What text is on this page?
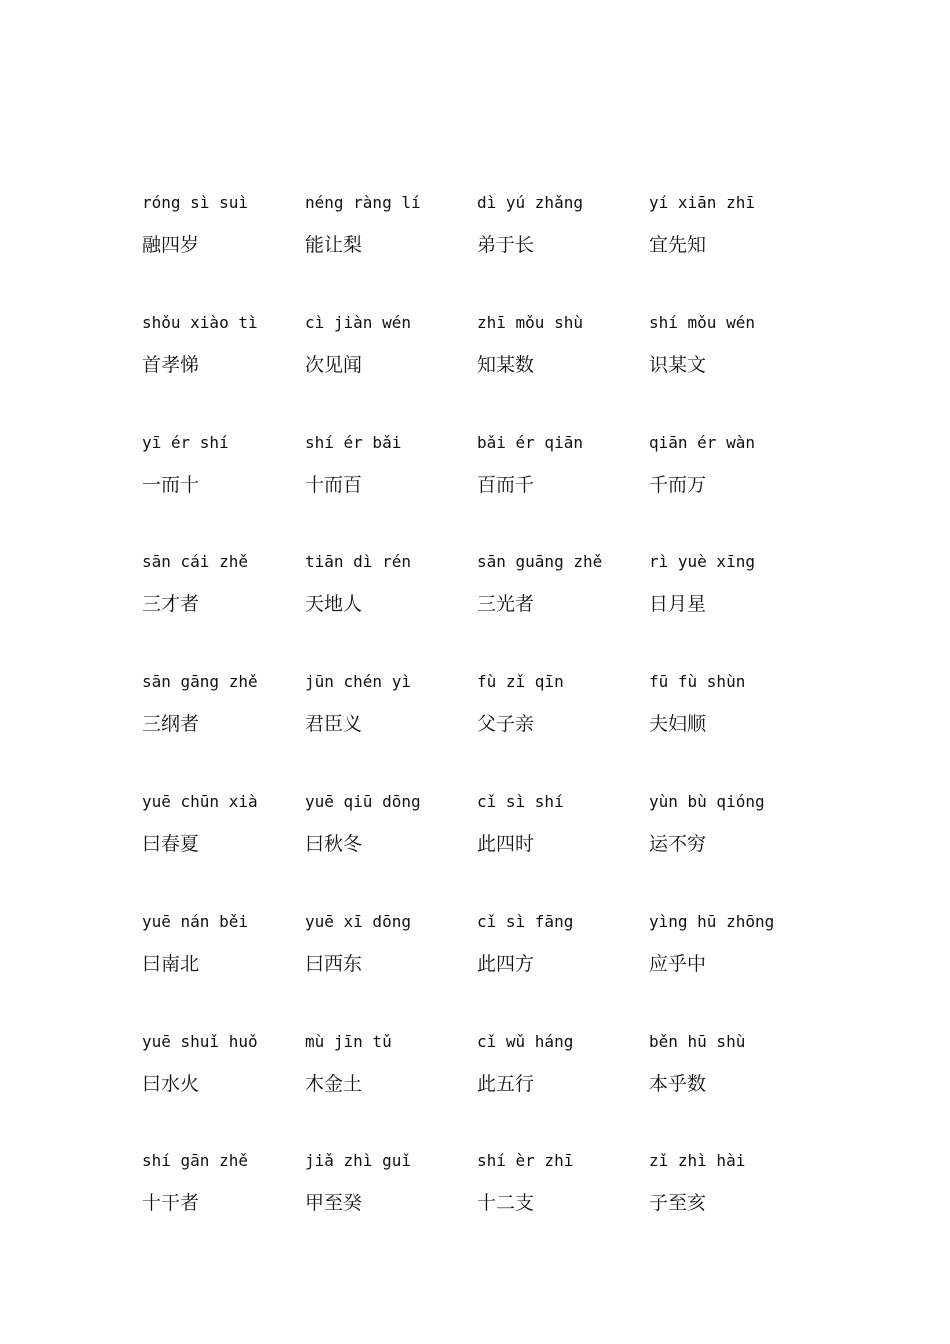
róng sì suì
融四岁
néng ràng lí
能让梨
dì yú zhǎng
弟于长
yí xiān zhī
宜先知
shǒu xiào tì
首孝悌
cì jiàn wén
次见闻
zhī mǒu shù
知某数
shí mǒu wén
识某文
yī ér shí
一而十
shí ér bǎi
十而百
bǎi ér qiān
百而千
qiān ér wàn
千而万
sān cái zhě
三才者
tiān dì rén
天地人
sān guāng zhě
三光者
rì yuè xīng
日月星
sān gāng zhě
三纲者
jūn chén yì
君臣义
fù zǐ qīn
父子亲
fū fù shùn
夫妇顺
yuē chūn xià
曰春夏
yuē qiū dōng
曰秋冬
cǐ sì shí
此四时
yùn bù qióng
运不穷
yuē nán běi
曰南北
yuē xī dōng
曰西东
cǐ sì fāng
此四方
yìng hū zhōng
应乎中
yuē shuǐ huǒ
曰水火
mù jīn tǔ
木金土
cǐ wǔ háng
此五行
běn hū shù
本乎数
shí gān zhě
十干者
jiǎ zhì guǐ
甲至癸
shí èr zhī
十二支
zǐ zhì hài
子至亥
